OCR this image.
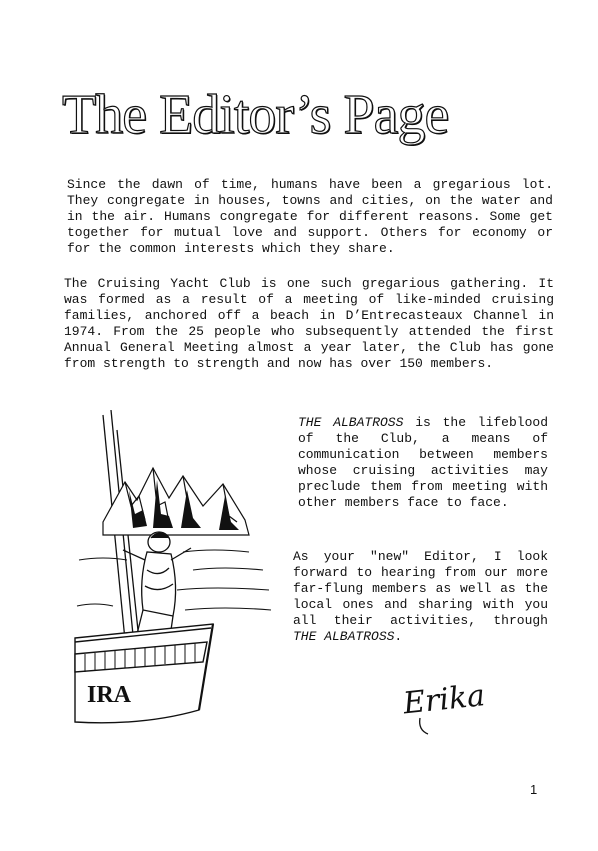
The Editor’s Page

Since the dawn of time, humans have been a gregarious lot. They congregate in houses, towns and cities, on the water and in the air. Humans congregate for different reasons. Some get together for mutual love and support. Others for economy or for the common interests which they share.

The Cruising Yacht Club is one such gregarious gathering. It was formed as a result of a meeting of like-minded cruising families, anchored off a beach in D’Entrecasteaux Channel in 1974. From the 25 people who subsequently attended the first Annual General Meeting almost a year later, the Club has gone from strength to strength and now has over 150 members.

IRA

THE ALBATROSS is the lifeblood of the Club, a means of communication between members whose cruising activities may preclude them from meeting with other members face to face.

As your "new" Editor, I look forward to hearing from our more far-flung members as well as the local ones and sharing with you all their activities, through THE ALBATROSS.

Erika
1
